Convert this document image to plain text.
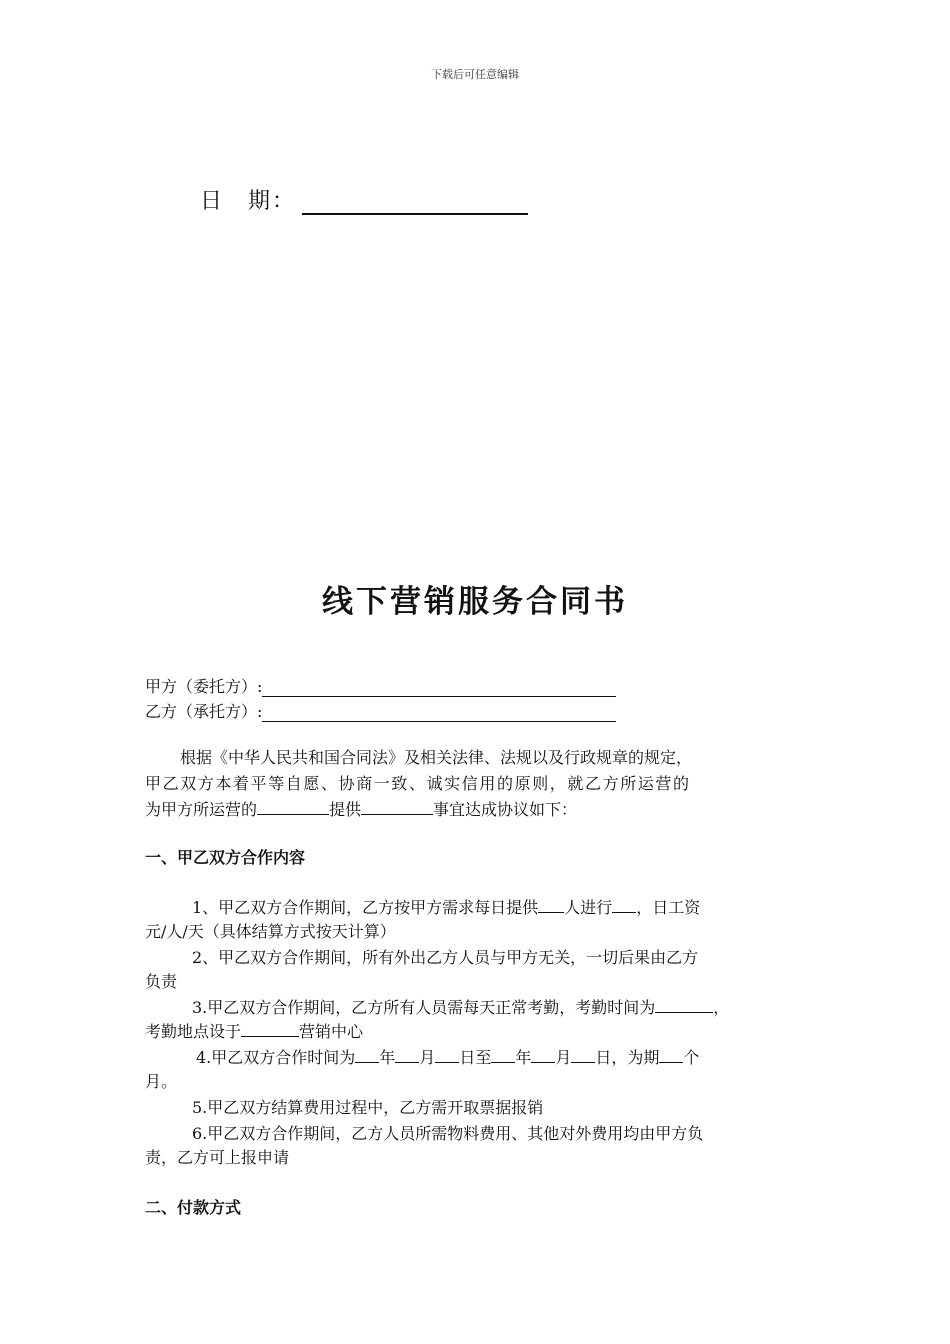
下载后可任意编辑
日　期：
线下营销服务合同书
甲方（委托方）:
乙方（承托方）:
根据《中华人民共和国合同法》及相关法律、法规以及行政规章的规定，
甲乙双方本着平等自愿、协商一致、诚实信用的原则，就乙方所运营的
为甲方所运营的	提供	事宜达成协议如下：
一、甲乙双方合作内容
1、甲乙双方合作期间，乙方按甲方需求每日提供 人进行 ，日工资
元/人/天（具体结算方式按天计算）
2、甲乙双方合作期间，所有外出乙方人员与甲方无关，一切后果由乙方
负责
3.甲乙双方合作期间，乙方所有人员需每天正常考勤，考勤时间为	，
考勤地点设于	营销中心
4.甲乙双方合作时间为 年 月 日至 年 月 日，为期 个
月。
5.甲乙双方结算费用过程中，乙方需开取票据报销
6.甲乙双方合作期间，乙方人员所需物料费用、其他对外费用均由甲方负
责，乙方可上报申请
二、付款方式
